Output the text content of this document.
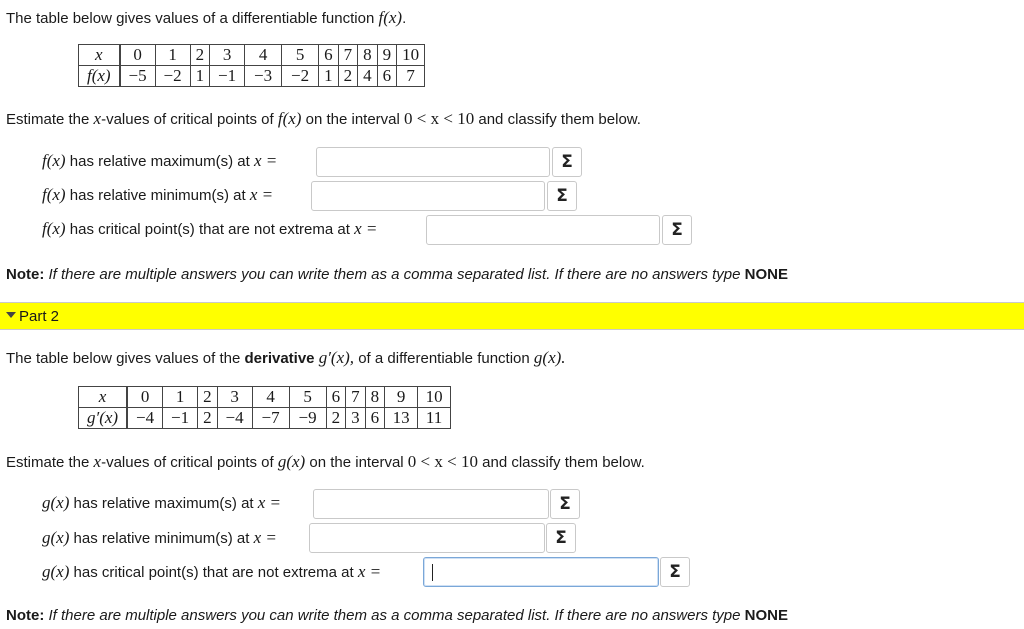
The table below gives values of a differentiable function f(x).
x	0	1	2	3	4	5	6	7	8	9	10
f(x)	−5	−2	1	−1	−3	−2	1	2	4	6	7
Estimate the x-values of critical points of f(x) on the interval 0 < x < 10 and classify them below.
f(x) has relative maximum(s) at x =	Σ
f(x) has relative minimum(s) at x =	Σ
f(x) has critical point(s) that are not extrema at x =	Σ
Note: If there are multiple answers you can write them as a comma separated list. If there are no answers type NONE
Part 2
The table below gives values of the derivative g′(x), of a differentiable function g(x).
x	0	1	2	3	4	5	6	7	8	9	10
g′(x)	−4	−1	2	−4	−7	−9	2	3	6	13	11
Estimate the x-values of critical points of g(x) on the interval 0 < x < 10 and classify them below.
g(x) has relative maximum(s) at x =	Σ
g(x) has relative minimum(s) at x =	Σ
g(x) has critical point(s) that are not extrema at x =	Σ
Note: If there are multiple answers you can write them as a comma separated list. If there are no answers type NONE
